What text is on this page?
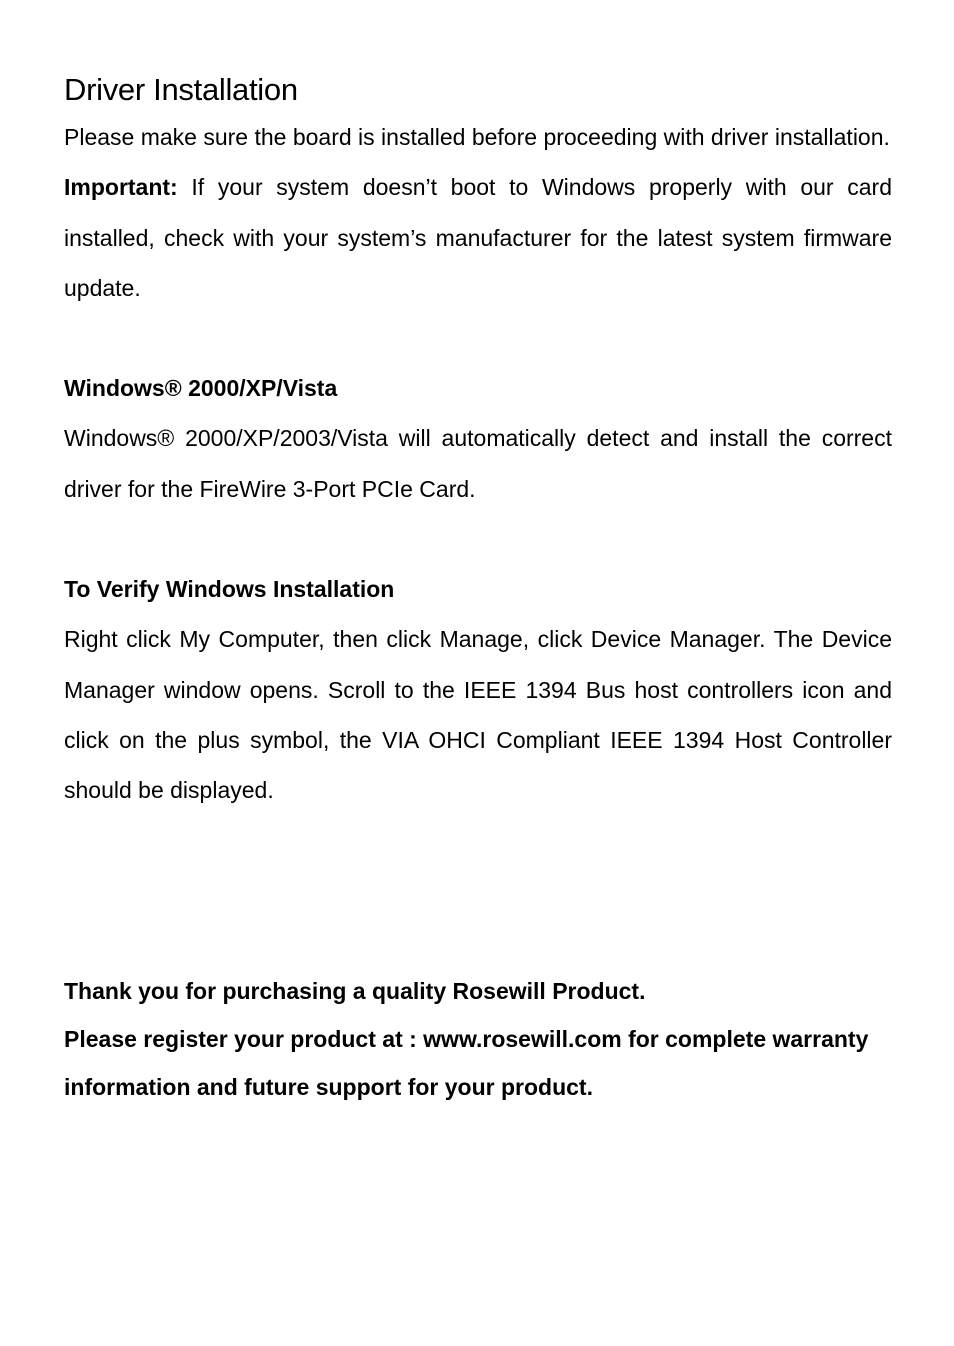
Driver Installation

Please make sure the board is installed before proceeding with driver installation.

Important: If your system doesn’t boot to Windows properly with our card installed, check with your system’s manufacturer for the latest system firmware update.

Windows® 2000/XP/Vista

Windows® 2000/XP/2003/Vista will automatically detect and install the correct driver for the FireWire 3-Port PCIe Card.

To Verify Windows Installation

Right click My Computer, then click Manage, click Device Manager. The Device Manager window opens. Scroll to the IEEE 1394 Bus host controllers icon and click on the plus symbol, the VIA OHCI Compliant IEEE 1394 Host Controller should be displayed.

Thank you for purchasing a quality Rosewill Product.

Please register your product at : www.rosewill.com for complete warranty information and future support for your product.
